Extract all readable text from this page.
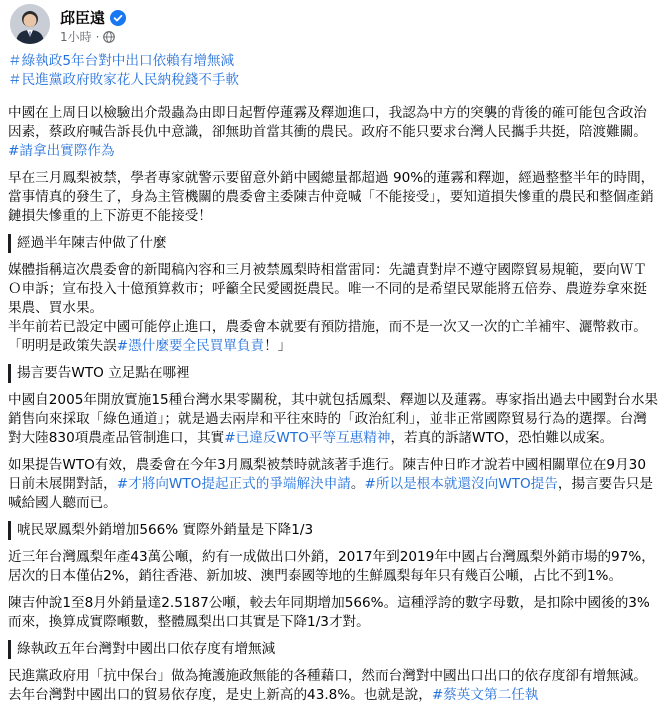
邱臣遠
1小時 ·

＃綠執政5年台對中出口依賴有增無減

＃民進黨政府敗家花人民納稅錢不手軟

中國在上周日以檢驗出介殼蟲為由即日起暫停蓮霧及釋迦進口，我認為中方的突襲的背後的確可能包含政治因素，蔡政府喊告訴長仇中意識，卻無助首當其衝的農民。政府不能只要求台灣人民攜手共挺，陪渡難關。#請拿出實際作為

早在三月鳳梨被禁，學者專家就警示要留意外銷中國總量都超過 90%的蓮霧和釋迦，經過整整半年的時間，當事情真的發生了，身為主管機關的農委會主委陳吉仲竟喊「不能接受」，要知道損失慘重的農民和整個產銷鏈損失慘重的上下游更不能接受！

經過半年陳吉仲做了什麼

媒體指稱這次農委會的新聞稿內容和三月被禁鳳梨時相當雷同：先譴責對岸不遵守國際貿易規範，要向ＷＴＯ申訴；宣布投入十億預算救市；呼籲全民愛國挺農民。唯一不同的是希望民眾能將五倍券、農遊券拿來挺果農、買水果。

半年前若已設定中國可能停止進口，農委會本就要有預防措施，而不是一次又一次的亡羊補牢、灑幣救市。「明明是政策失誤#憑什麼要全民買單負責！」

揚言要告WTO 立足點在哪裡

中國自2005年開放實施15種台灣水果零關稅，其中就包括鳳梨、釋迦以及蓮霧。專家指出過去中國對台水果銷售向來採取「綠色通道」；就是過去兩岸和平往來時的「政治紅利」，並非正常國際貿易行為的選擇。台灣對大陸830項農產品管制進口，其實#已違反WTO平等互惠精神，若真的訴諸WTO，恐怕難以成案。

如果提告WTO有效，農委會在今年3月鳳梨被禁時就該著手進行。陳吉仲日昨才說若中國相關單位在9月30日前未展開對話，#才將向WTO提起正式的爭端解決申請。#所以是根本就還沒向WTO提告，揚言要告只是喊給國人聽而已。

唬民眾鳳梨外銷增加566% 實際外銷量是下降1/3

近三年台灣鳳梨年產43萬公噸，約有一成做出口外銷，2017年到2019年中國占台灣鳳梨外銷市場的97%，居次的日本僅佔2%，銷往香港、新加坡、澳門泰國等地的生鮮鳳梨每年只有幾百公噸，占比不到1%。

陳吉仲說1至8月外銷量達2.5187公噸，較去年同期增加566%。這種浮誇的數字母數，是扣除中國後的3%而來，換算成實際噸數，整體鳳梨出口其實是下降1/3才對。

綠執政五年台灣對中國出口依存度有增無減

民進黨政府用「抗中保台」做為掩護施政無能的各種藉口，然而台灣對中國出口出口的依存度卻有增無減。去年台灣對中國出口的貿易依存度，是史上新高的43.8%。也就是說，#蔡英文第二任執
